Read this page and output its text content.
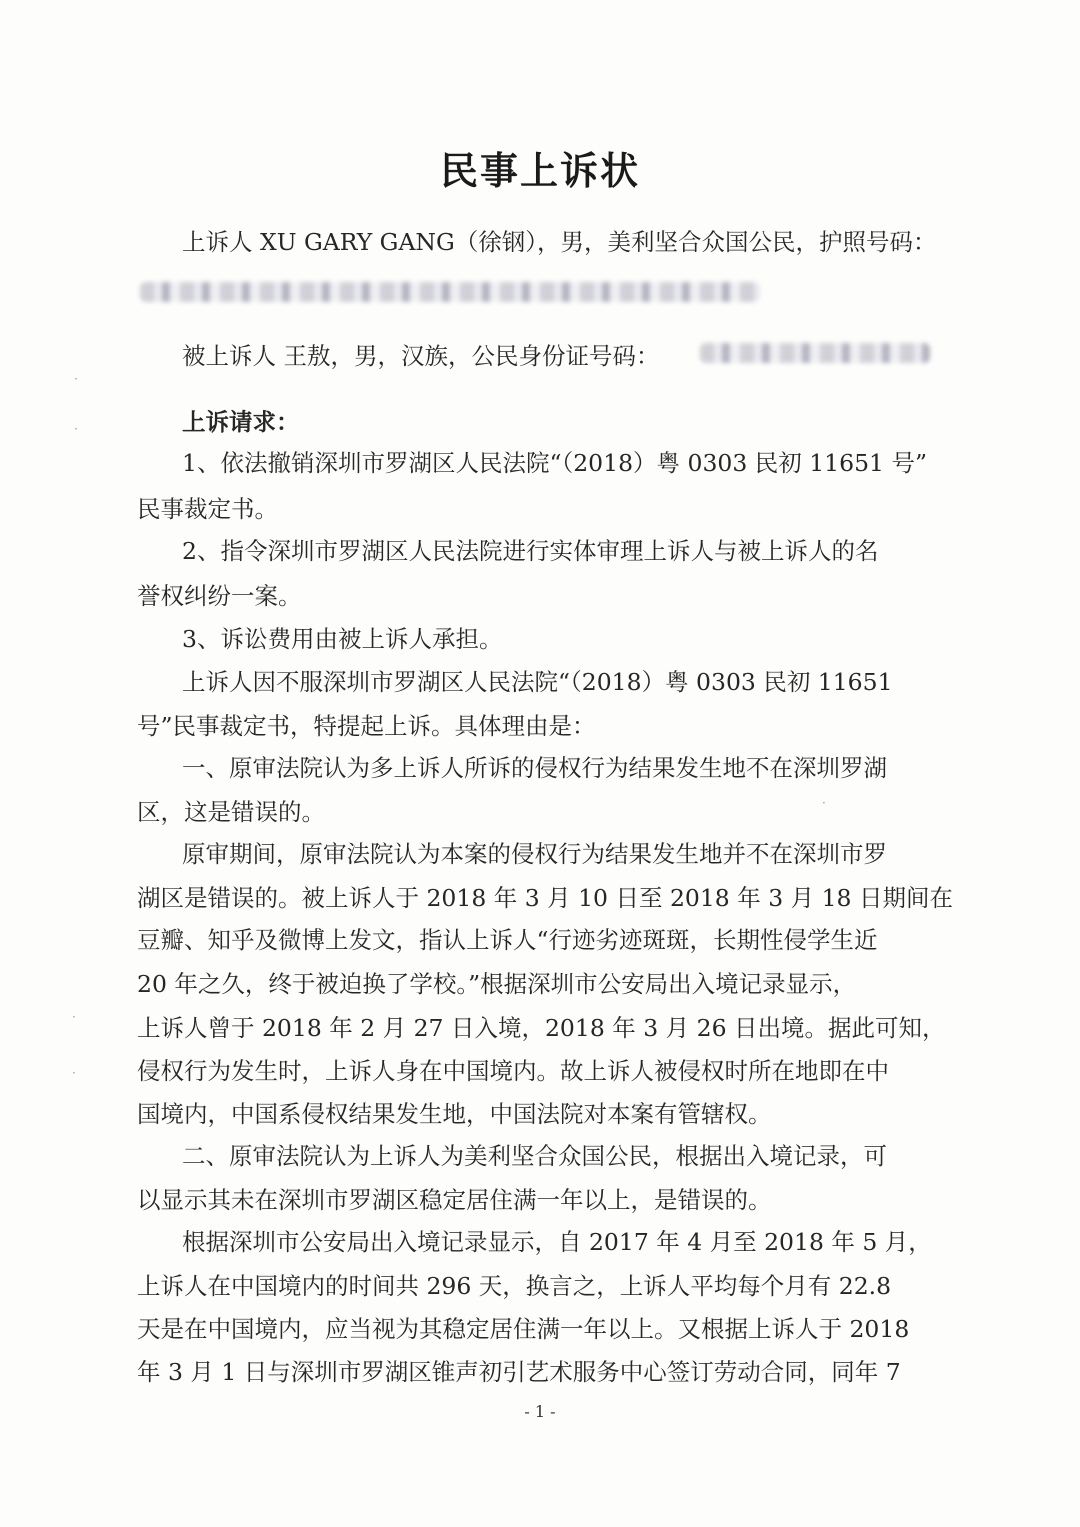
民事上诉状
上诉人 XU GARY GANG（徐钢），男，美利坚合众国公民，护照号码：
被上诉人 王敖，男，汉族，公民身份证号码：
上诉请求：
1、依法撤销深圳市罗湖区人民法院“（2018）粤 0303 民初 11651 号”
民事裁定书。
2、指令深圳市罗湖区人民法院进行实体审理上诉人与被上诉人的名
誉权纠纷一案。
3、诉讼费用由被上诉人承担。
上诉人因不服深圳市罗湖区人民法院“（2018）粤 0303 民初 11651
号”民事裁定书，特提起上诉。具体理由是：
一、原审法院认为多上诉人所诉的侵权行为结果发生地不在深圳罗湖
区，这是错误的。
原审期间，原审法院认为本案的侵权行为结果发生地并不在深圳市罗
湖区是错误的。被上诉人于 2018 年 3 月 10 日至 2018 年 3 月 18 日期间在
豆瓣、知乎及微博上发文，指认上诉人“行迹劣迹斑斑，长期性侵学生近
20 年之久，终于被迫换了学校。”根据深圳市公安局出入境记录显示，
上诉人曾于 2018 年 2 月 27 日入境，2018 年 3 月 26 日出境。据此可知，
侵权行为发生时，上诉人身在中国境内。故上诉人被侵权时所在地即在中
国境内，中国系侵权结果发生地，中国法院对本案有管辖权。
二、原审法院认为上诉人为美利坚合众国公民，根据出入境记录，可
以显示其未在深圳市罗湖区稳定居住满一年以上，是错误的。
根据深圳市公安局出入境记录显示，自 2017 年 4 月至 2018 年 5 月，
上诉人在中国境内的时间共 296 天，换言之，上诉人平均每个月有 22.8
天是在中国境内，应当视为其稳定居住满一年以上。又根据上诉人于 2018
年 3 月 1 日与深圳市罗湖区锥声初引艺术服务中心签订劳动合同，同年 7
- 1 -
·
·
·
·
·
